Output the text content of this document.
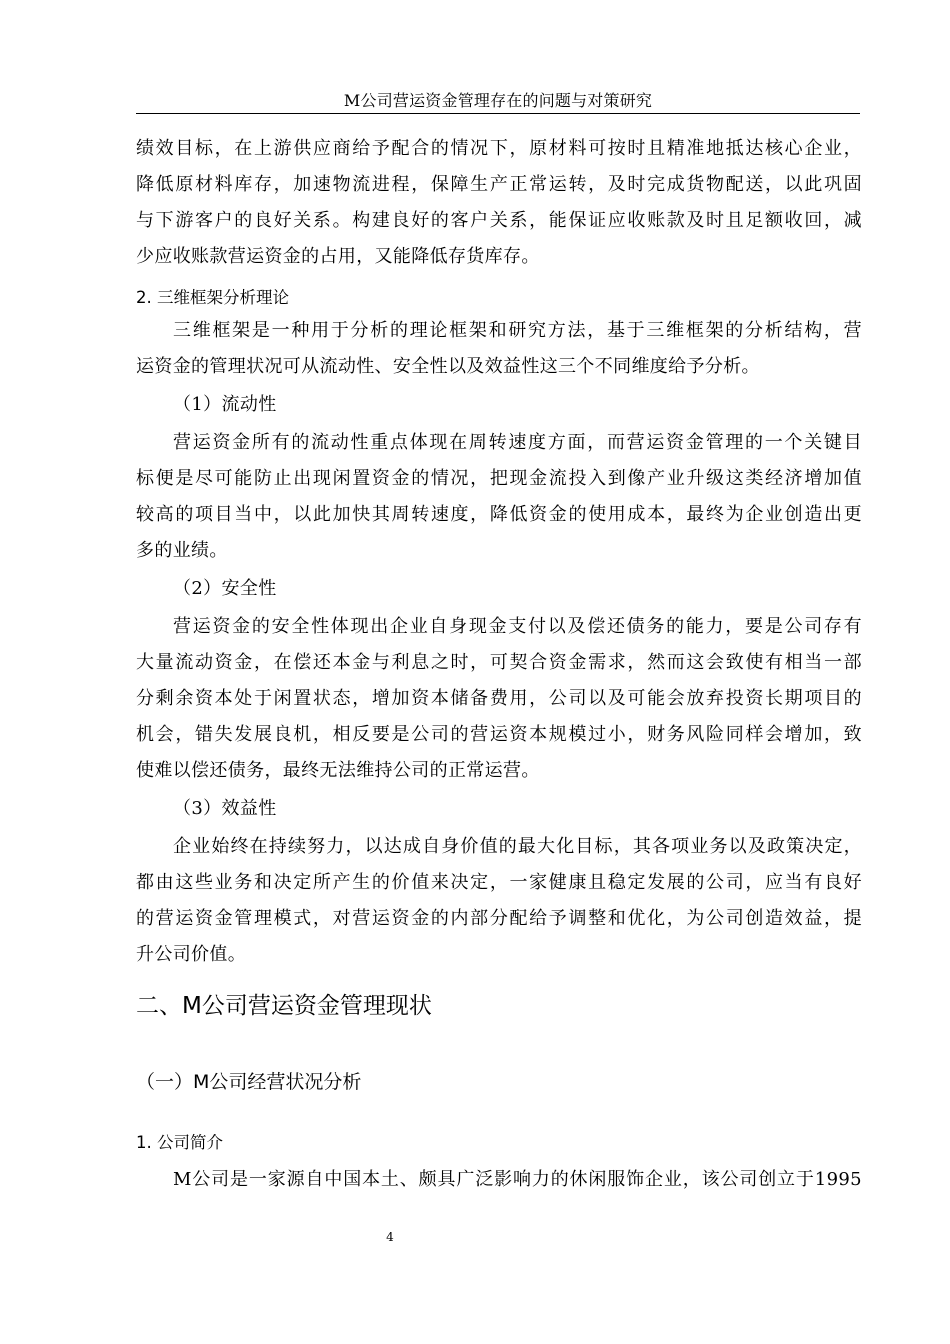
M公司营运资金管理存在的问题与对策研究
绩效目标，在上游供应商给予配合的情况下，原材料可按时且精准地抵达核心企业，
降低原材料库存，加速物流进程，保障生产正常运转，及时完成货物配送，以此巩固
与下游客户的良好关系。构建良好的客户关系，能保证应收账款及时且足额收回，减
少应收账款营运资金的占用，又能降低存货库存。
2. 三维框架分析理论
三维框架是一种用于分析的理论框架和研究方法，基于三维框架的分析结构，营
运资金的管理状况可从流动性、安全性以及效益性这三个不同维度给予分析。
（1）流动性
营运资金所有的流动性重点体现在周转速度方面，而营运资金管理的一个关键目
标便是尽可能防止出现闲置资金的情况，把现金流投入到像产业升级这类经济增加值
较高的项目当中，以此加快其周转速度，降低资金的使用成本，最终为企业创造出更
多的业绩。
（2）安全性
营运资金的安全性体现出企业自身现金支付以及偿还债务的能力，要是公司存有
大量流动资金，在偿还本金与利息之时，可契合资金需求，然而这会致使有相当一部
分剩余资本处于闲置状态，增加资本储备费用，公司以及可能会放弃投资长期项目的
机会，错失发展良机，相反要是公司的营运资本规模过小，财务风险同样会增加，致
使难以偿还债务，最终无法维持公司的正常运营。
（3）效益性
企业始终在持续努力，以达成自身价值的最大化目标，其各项业务以及政策决定，
都由这些业务和决定所产生的价值来决定，一家健康且稳定发展的公司，应当有良好
的营运资金管理模式，对营运资金的内部分配给予调整和优化，为公司创造效益，提
升公司价值。
二、M公司营运资金管理现状
（一）M公司经营状况分析
1. 公司简介
M公司是一家源自中国本土、颇具广泛影响力的休闲服饰企业，该公司创立于1995
4
